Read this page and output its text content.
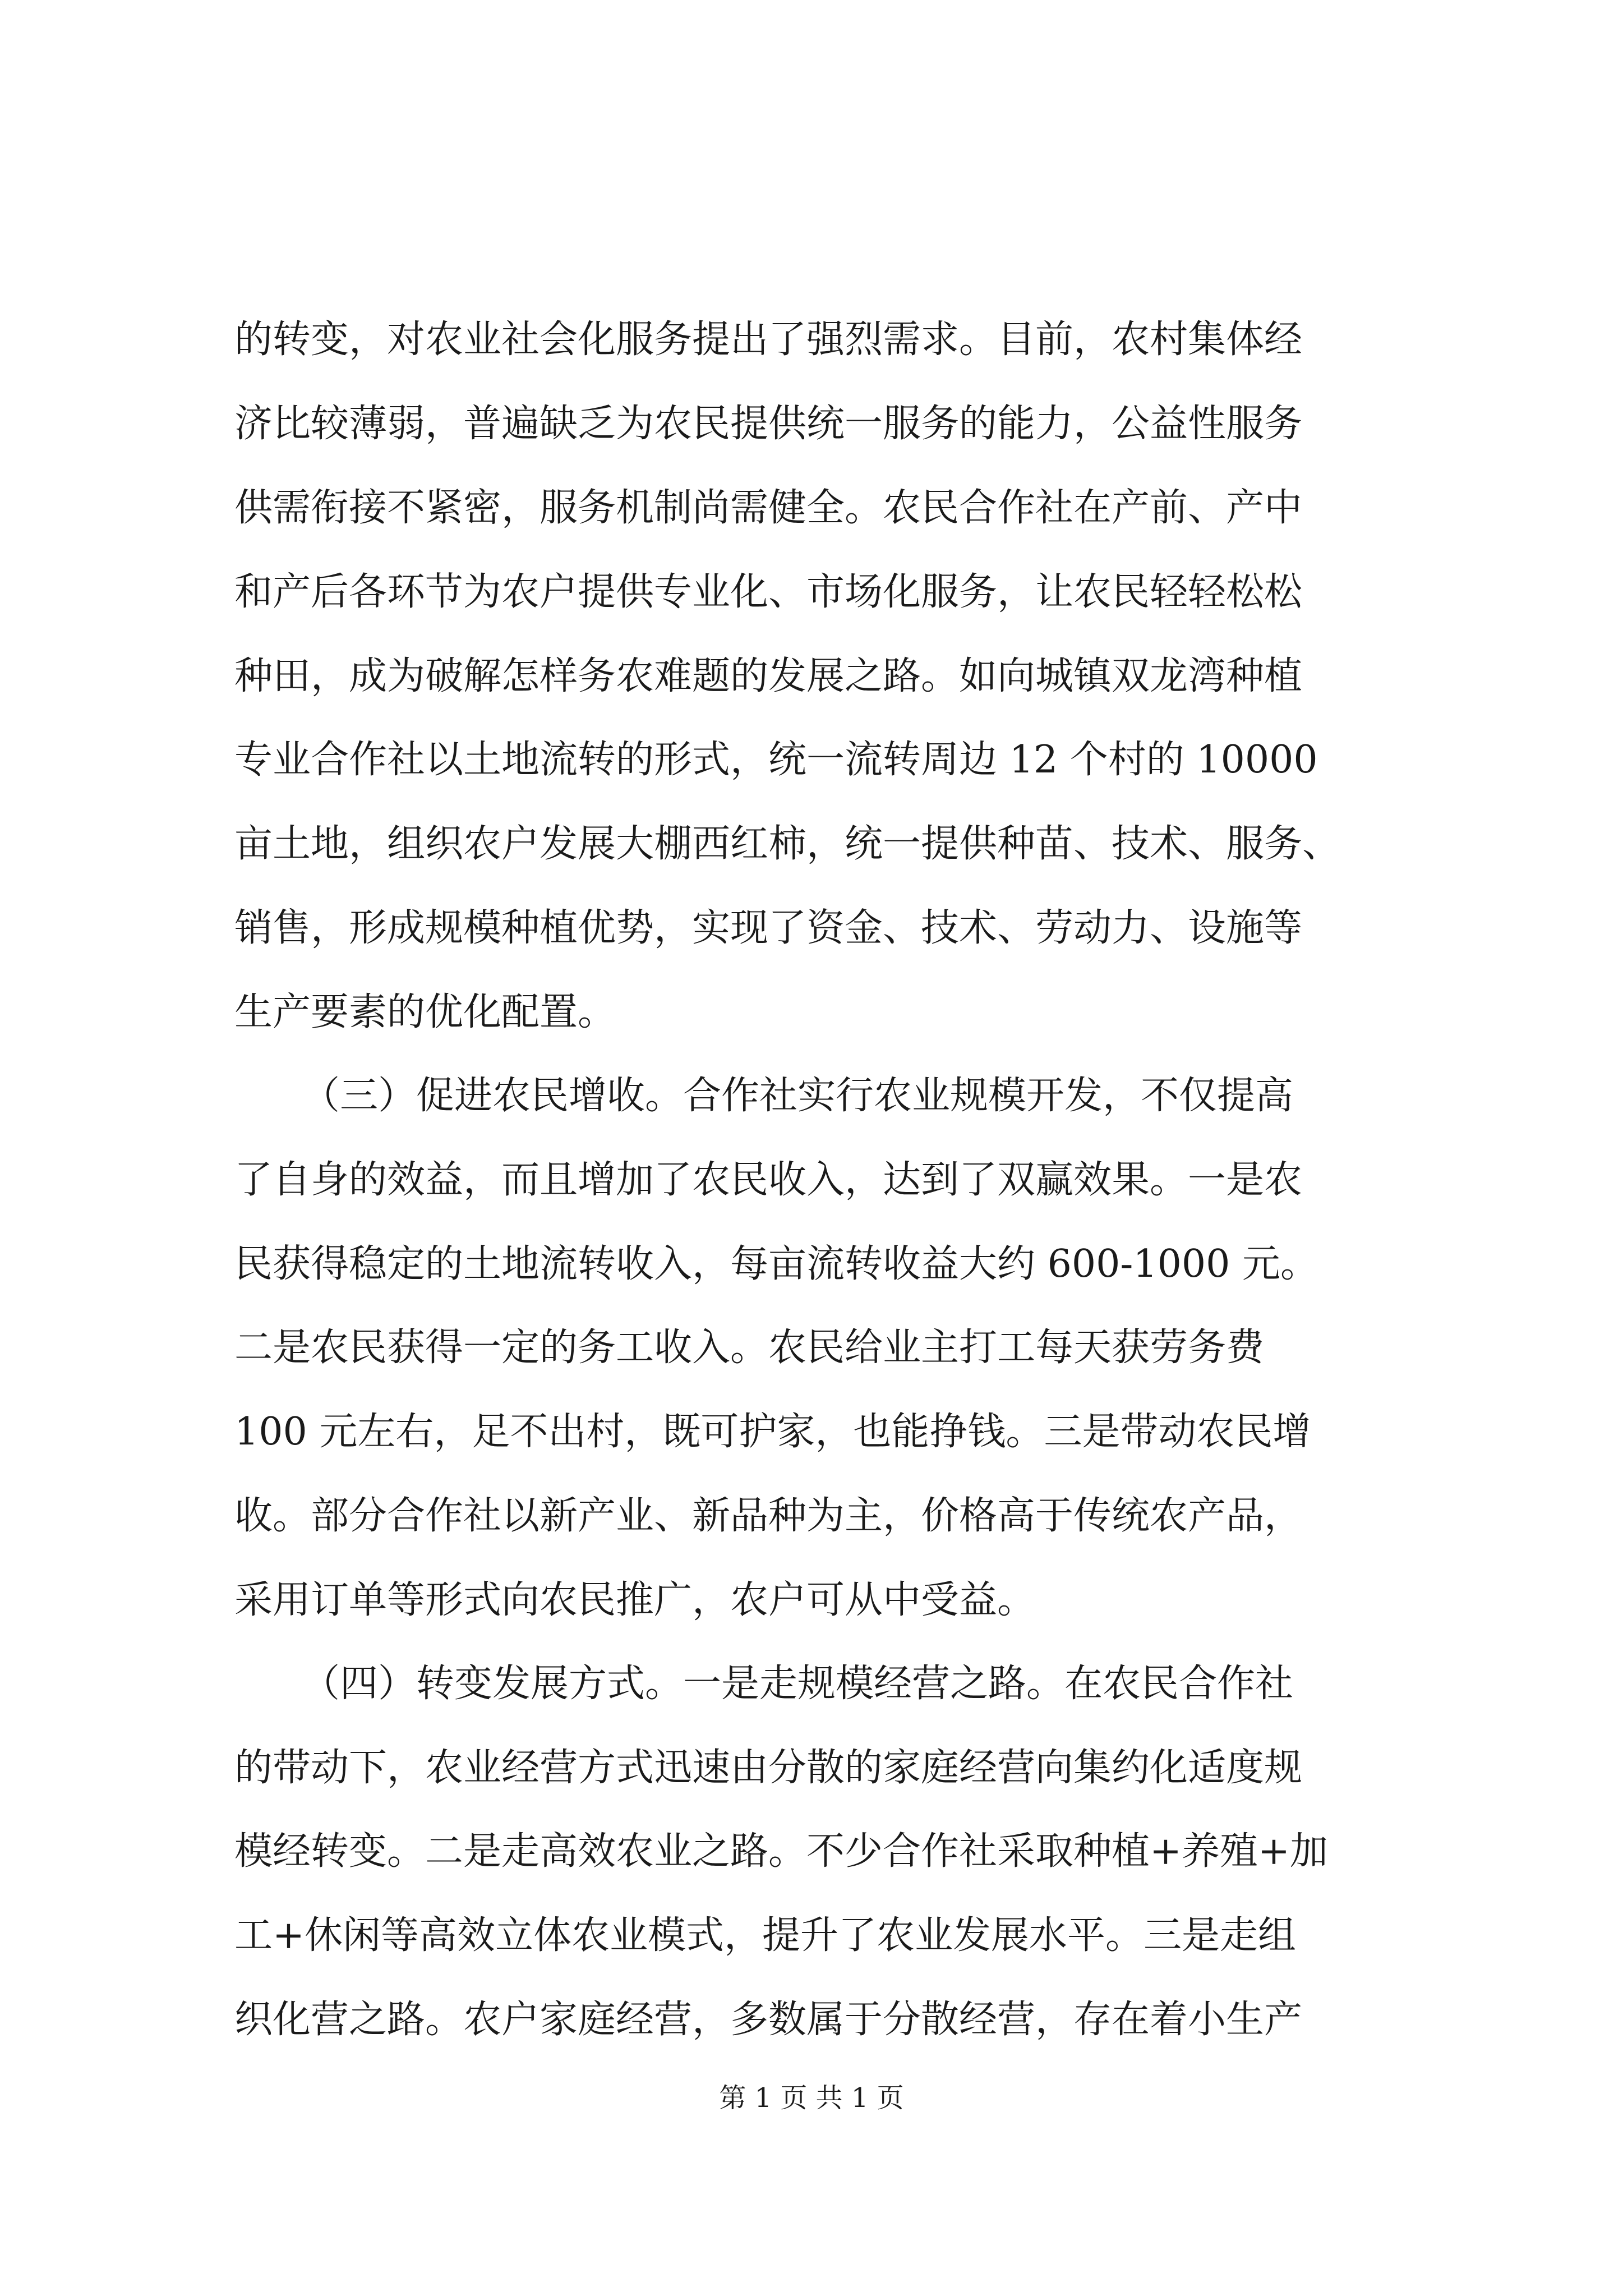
的转变，对农业社会化服务提出了强烈需求。目前，农村集体经
济比较薄弱，普遍缺乏为农民提供统一服务的能力，公益性服务
供需衔接不紧密，服务机制尚需健全。农民合作社在产前、产中
和产后各环节为农户提供专业化、市场化服务，让农民轻轻松松
种田，成为破解怎样务农难题的发展之路。如向城镇双龙湾种植
专业合作社以土地流转的形式，统一流转周边 12 个村的 10000
亩土地，组织农户发展大棚西红柿，统一提供种苗、技术、服务、
销售，形成规模种植优势，实现了资金、技术、劳动力、设施等
生产要素的优化配置。
（三）促进农民增收。合作社实行农业规模开发，不仅提高
了自身的效益，而且增加了农民收入，达到了双赢效果。一是农
民获得稳定的土地流转收入，每亩流转收益大约 600-1000 元。
二是农民获得一定的务工收入。农民给业主打工每天获劳务费
100 元左右，足不出村，既可护家，也能挣钱。三是带动农民增
收。部分合作社以新产业、新品种为主，价格高于传统农产品，
采用订单等形式向农民推广，农户可从中受益。
（四）转变发展方式。一是走规模经营之路。在农民合作社
的带动下，农业经营方式迅速由分散的家庭经营向集约化适度规
模经转变。二是走高效农业之路。不少合作社采取种植+养殖+加
工+休闲等高效立体农业模式，提升了农业发展水平。三是走组
织化营之路。农户家庭经营，多数属于分散经营，存在着小生产
第 1 页 共 1 页
